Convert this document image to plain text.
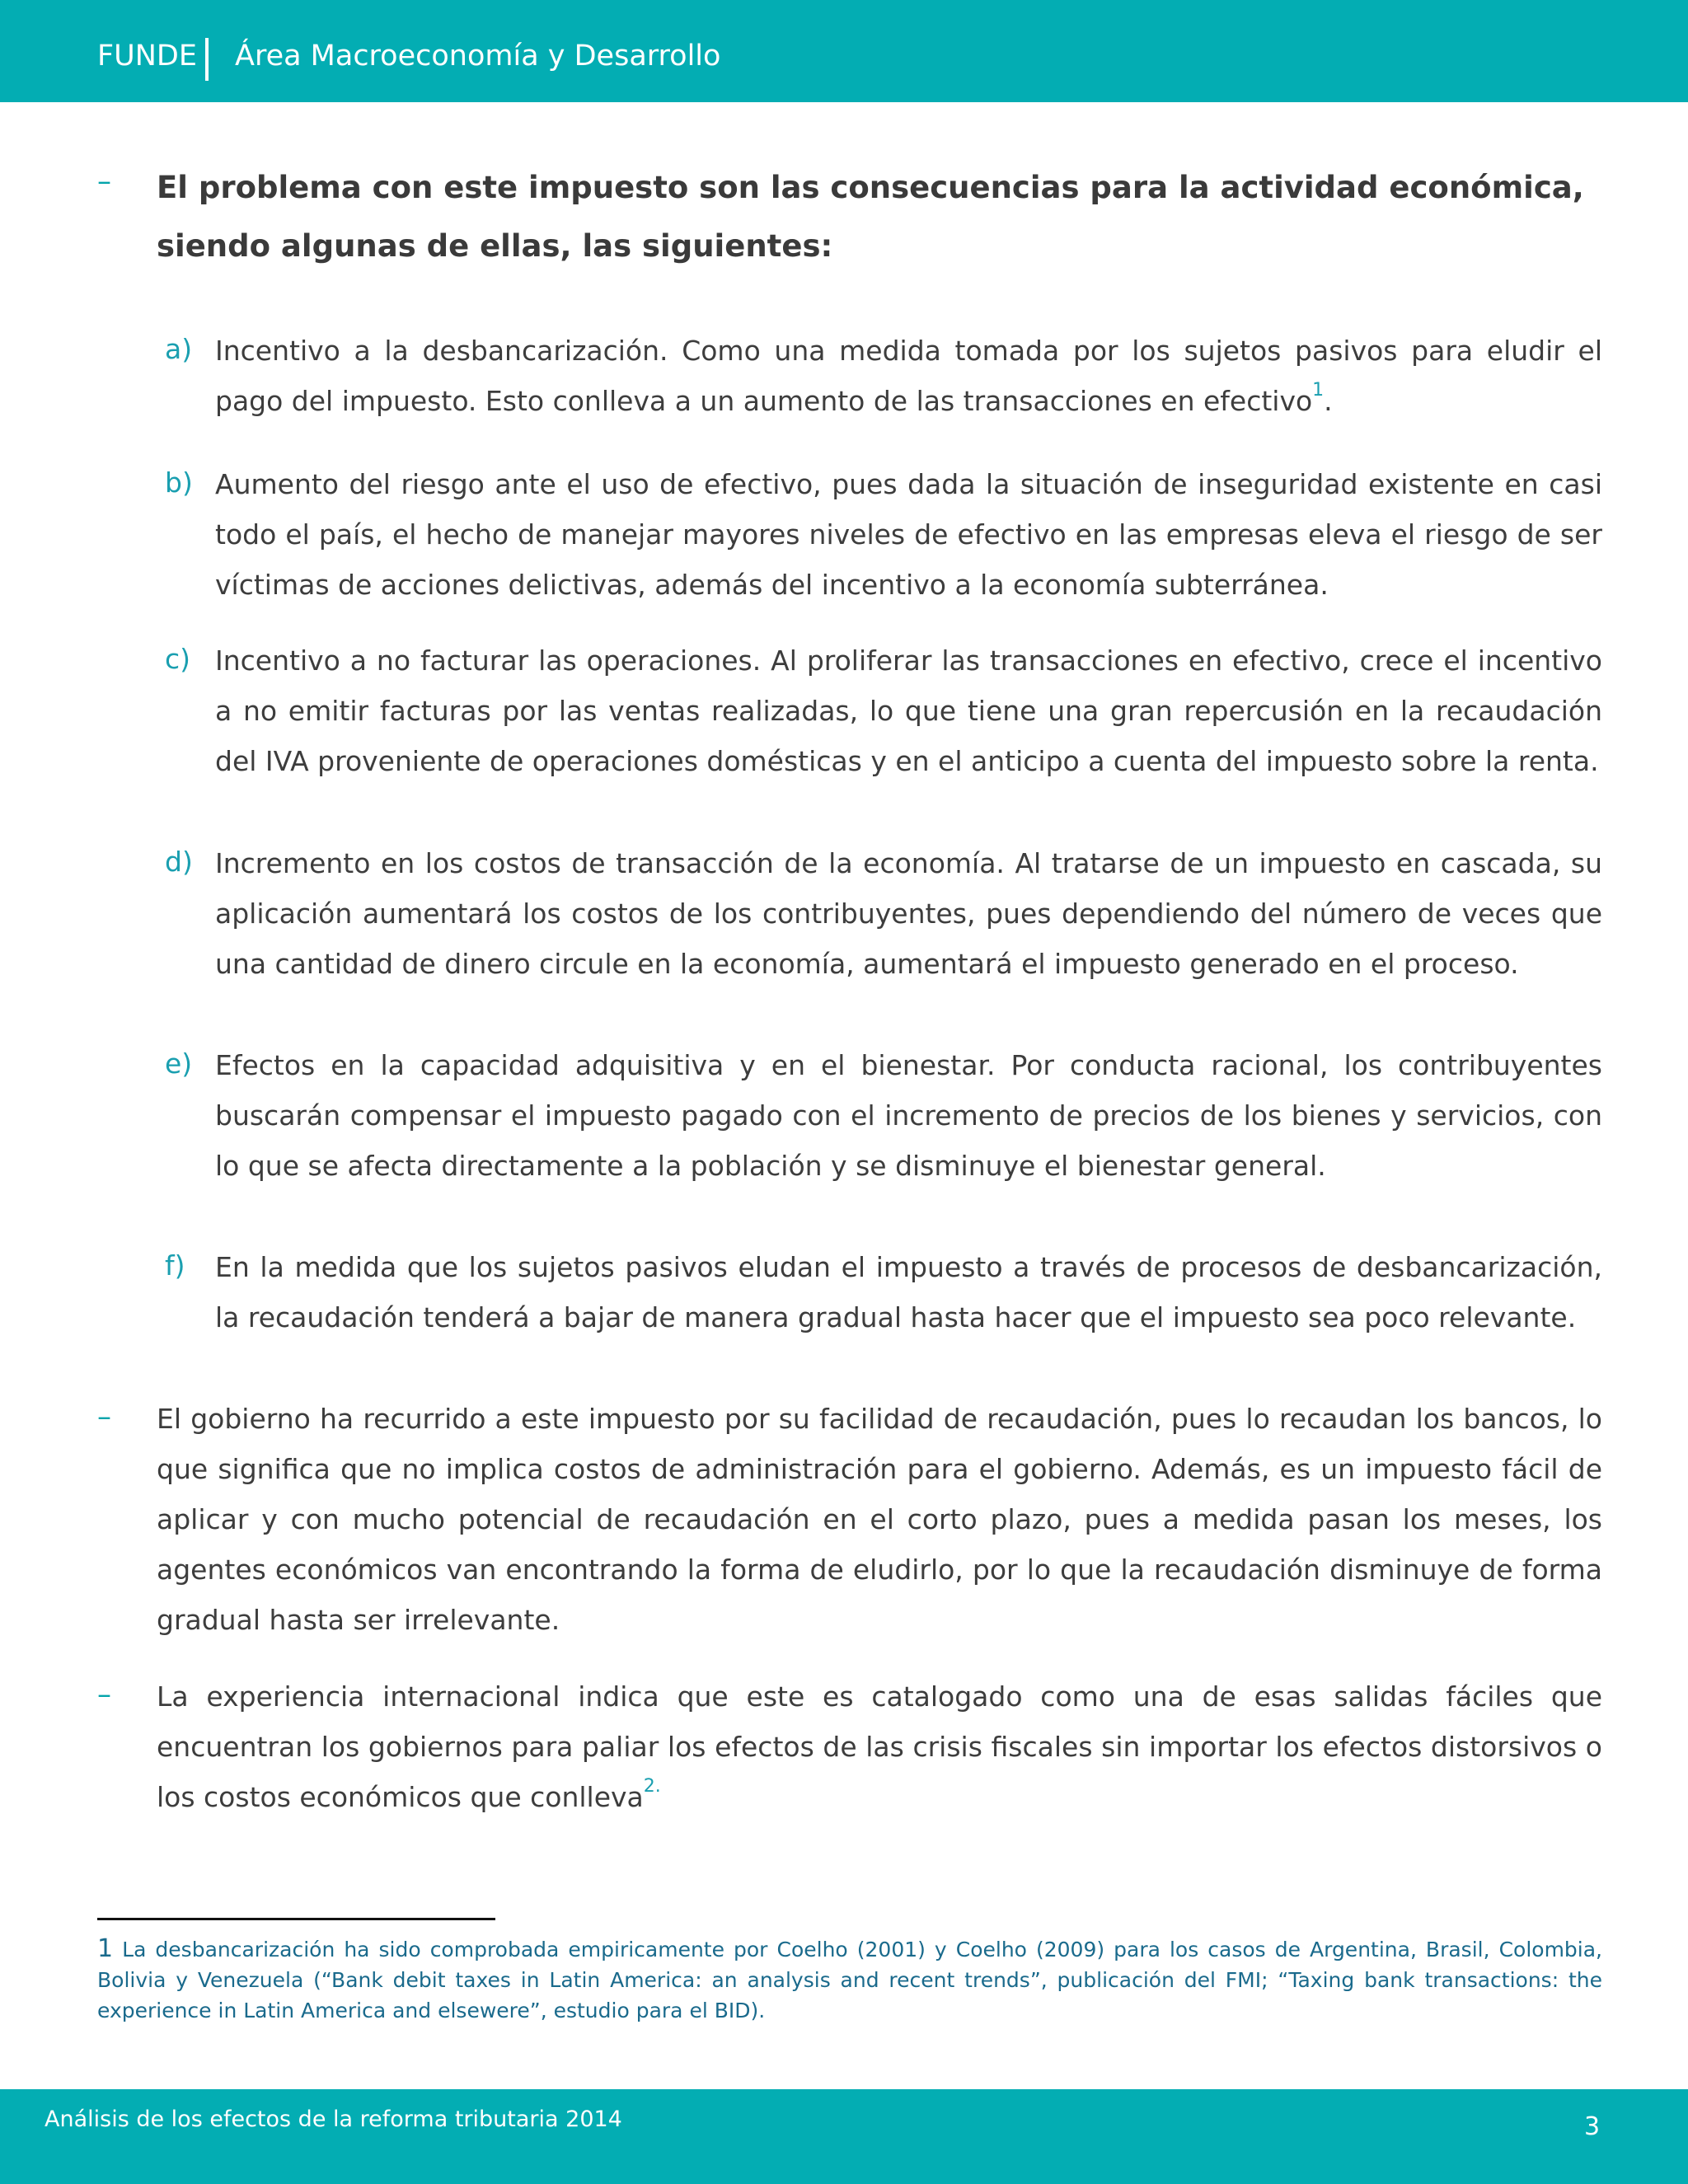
FUNDE Área Macroeconomía y Desarrollo
– El problema con este impuesto son las consecuencias para la actividad económica, siendo algunas de ellas, las siguientes:
a) Incentivo a la desbancarización. Como una medida tomada por los sujetos pasivos para eludir el pago del impuesto. Esto conlleva a un aumento de las transacciones en efectivo$^1$.
b) Aumento del riesgo ante el uso de efectivo, pues dada la situación de inseguridad existente en casi todo el país, el hecho de manejar mayores niveles de efectivo en las empresas eleva el riesgo de ser víctimas de acciones delictivas, además del incentivo a la economía subterránea.
c) Incentivo a no facturar las operaciones. Al proliferar las transacciones en efectivo, crece el incentivo a no emitir facturas por las ventas realizadas, lo que tiene una gran repercusión en la recaudación del IVA proveniente de operaciones domésticas y en el anticipo a cuenta del impuesto sobre la renta.
d) Incremento en los costos de transacción de la economía. Al tratarse de un impuesto en cascada, su aplicación aumentará los costos de los contribuyentes, pues dependiendo del número de veces que una cantidad de dinero circule en la economía, aumentará el impuesto generado en el proceso.
e) Efectos en la capacidad adquisitiva y en el bienestar. Por conducta racional, los contribuyentes buscarán compensar el impuesto pagado con el incremento de precios de los bienes y servicios, con lo que se afecta directamente a la población y se disminuye el bienestar general.
f) En la medida que los sujetos pasivos eludan el impuesto a través de procesos de desbancarización, la recaudación tenderá a bajar de manera gradual hasta hacer que el impuesto sea poco relevante.
– El gobierno ha recurrido a este impuesto por su facilidad de recaudación, pues lo recaudan los bancos, lo que significa que no implica costos de administración para el gobierno. Además, es un impuesto fácil de aplicar y con mucho potencial de recaudación en el corto plazo, pues a medida pasan los meses, los agentes económicos van encontrando la forma de eludirlo, por lo que la recaudación disminuye de forma gradual hasta ser irrelevante.
– La experiencia internacional indica que este es catalogado como una de esas salidas fáciles que encuentran los gobiernos para paliar los efectos de las crisis fiscales sin importar los efectos distorsivos o los costos económicos que conlleva$^{2.}$
1 La desbancarización ha sido comprobada empiricamente por Coelho (2001) y Coelho (2009) para los casos de Argentina, Brasil, Colombia, Bolivia y Venezuela (“Bank debit taxes in Latin America: an analysis and recent trends”, publicación del FMI; “Taxing bank transactions: the experience in Latin America and elsewere”, estudio para el BID).
Análisis de los efectos de la reforma tributaria 2014	3
